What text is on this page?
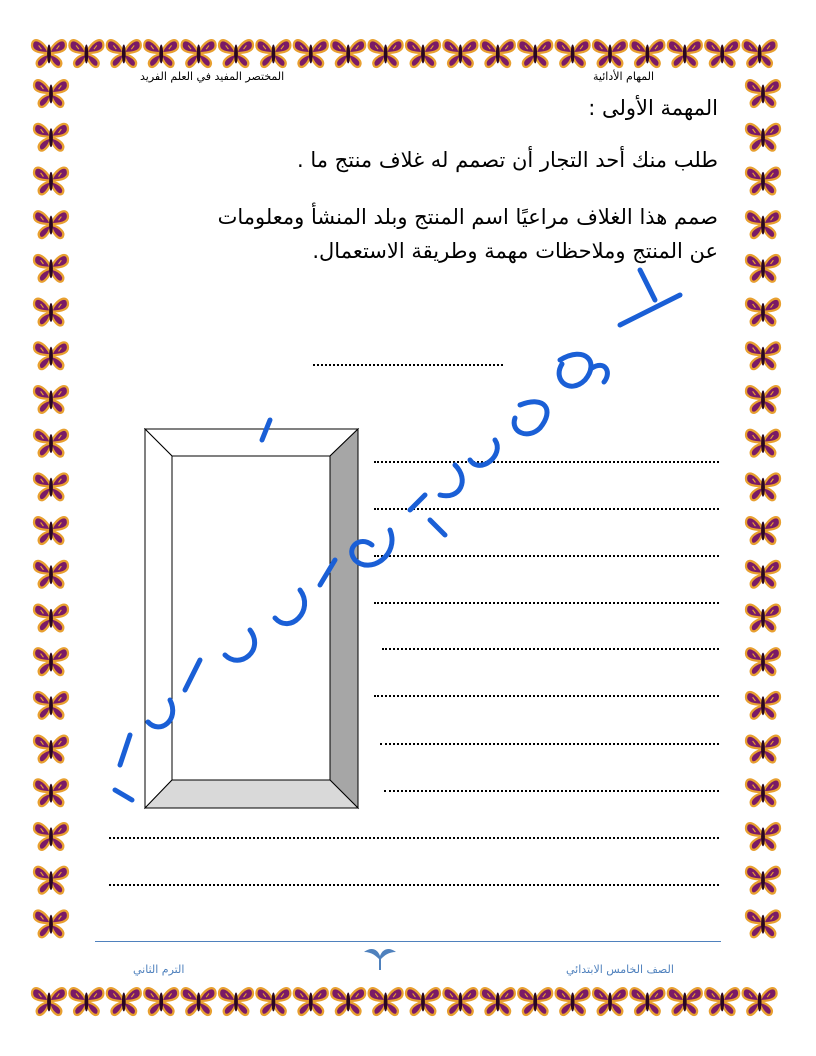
المختصر المفيد في العلم الفريد	المهام الأدائية
المهمة الأولى :
طلب منك أحد التجار أن تصمم له غلاف منتج ما .
صمم هذا الغلاف مراعيًا اسم المنتج وبلد المنشأ ومعلومات
عن المنتج وملاحظات مهمة وطريقة الاستعمال.
الترم الثاني	الصف الخامس الابتدائي
